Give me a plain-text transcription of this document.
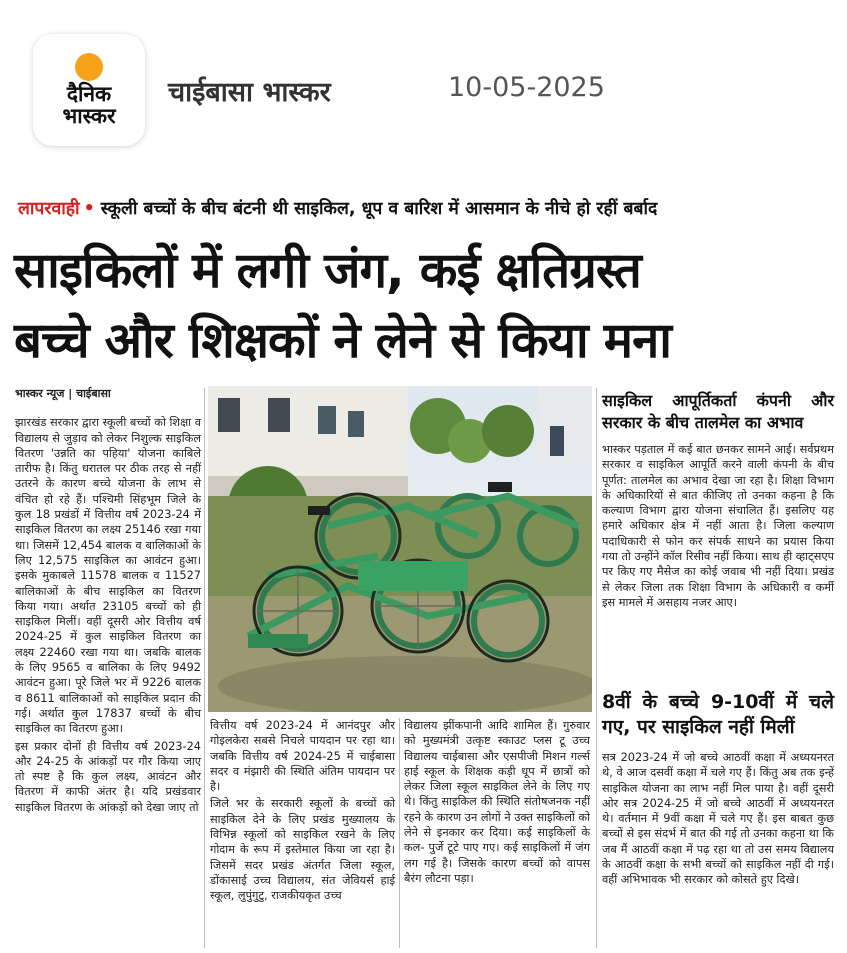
दैनिक
भास्कर
चाईबासा भास्कर	10-05-2025
लापरवाही • स्कूली बच्चों के बीच बंटनी थी साइकिल, धूप व बारिश में आसमान के नीचे हो रहीं बर्बाद
साइकिलों में लगी जंग, कई क्षतिग्रस्त
बच्चे और शिक्षकों ने लेने से किया मना
भास्कर न्यूज | चाईबासा

झारखंड सरकार द्वारा स्कूली बच्चों को शिक्षा व विद्यालय से जुड़ाव को लेकर निशुल्क साइकिल वितरण 'उन्नति का पहिया' योजना काबिले तारीफ है। किंतु धरातल पर ठीक तरह से नहीं उतरने के कारण बच्चे योजना के लाभ से वंचित हो रहे हैं। पश्चिमी सिंहभूम जिले के कुल 18 प्रखंडों में वित्तीय वर्ष 2023-24 में साइकिल वितरण का लक्ष्य 25146 रखा गया था। जिसमें 12,454 बालक व बालिकाओं के लिए 12,575 साइकिल का आवंटन हुआ। इसके मुकाबले 11578 बालक व 11527 बालिकाओं के बीच साइकिल का वितरण किया गया। अर्थात 23105 बच्चों को ही साइकिल मिलीं। वहीं दूसरी ओर वित्तीय वर्ष 2024-25 में कुल साइकिल वितरण का लक्ष्य 22460 रखा गया था। जबकि बालक के लिए 9565 व बालिका के लिए 9492 आवंटन हुआ। पूरे जिले भर में 9226 बालक व 8611 बालिकाओं को साइकिल प्रदान की गई। अर्थात कुल 17837 बच्चों के बीच साइकिल का वितरण हुआ।

इस प्रकार दोनों ही वित्तीय वर्ष 2023-24 और 24-25 के आंकड़ों पर गौर किया जाए तो स्पष्ट है कि कुल लक्ष्य, आवंटन और वितरण में काफी अंतर है। यदि प्रखंडवार साइकिल वितरण के आंकड़ों को देखा जाए तो

वित्तीय वर्ष 2023-24 में आनंदपुर और गोइलकेरा सबसे निचले पायदान पर रहा था। जबकि वित्तीय वर्ष 2024-25 में चाईबासा सदर व मंझारी की स्थिति अंतिम पायदान पर है।

जिले भर के सरकारी स्कूलों के बच्चों को साइकिल देने के लिए प्रखंड मुख्यालय के विभिन्न स्कूलों को साइकिल रखने के लिए गोदाम के रूप में इस्तेमाल किया जा रहा है। जिसमें सदर प्रखंड अंतर्गत जिला स्कूल, डोंकासाई उच्च विद्यालय, संत जेवियर्स हाई स्कूल, लुपुंगुटु, राजकीयकृत उच्च

विद्यालय झींकपानी आदि शामिल हैं। गुरुवार को मुख्यमंत्री उत्कृष्ट स्काउट प्लस टू उच्च विद्यालय चाईबासा और एसपीजी मिशन गर्ल्स हाई स्कूल के शिक्षक कड़ी धूप में छात्रों को लेकर जिला स्कूल साइकिल लेने के लिए गए थे। किंतु साइकिल की स्थिति संतोषजनक नहीं रहने के कारण उन लोगों ने उक्त साइकिलों को लेने से इनकार कर दिया। कई साइकिलों के कल- पुर्जे टूटे पाए गए। कई साइकिलों में जंग लग गई है। जिसके कारण बच्चों को वापस बैरंग लौटना पड़ा।

साइकिल आपूर्तिकर्ता कंपनी और सरकार के बीच तालमेल का अभाव

भास्कर पड़ताल में कई बात छनकर सामने आई। सर्वप्रथम सरकार व साइकिल आपूर्ति करने वाली कंपनी के बीच पूर्णत: तालमेल का अभाव देखा जा रहा है। शिक्षा विभाग के अधिकारियों से बात कीजिए तो उनका कहना है कि कल्याण विभाग द्वारा योजना संचालित हैं। इसलिए यह हमारे अधिकार क्षेत्र में नहीं आता है। जिला कल्याण पदाधिकारी से फोन कर संपर्क साधने का प्रयास किया गया तो उन्होंने कॉल रिसीव नहीं किया। साथ ही व्हाट्सएप पर किए गए मैसेज का कोई जवाब भी नहीं दिया। प्रखंड से लेकर जिला तक शिक्षा विभाग के अधिकारी व कर्मी इस मामले में असहाय नजर आए।

8वीं के बच्चे 9-10वीं में चले गए, पर साइकिल नहीं मिलीं

सत्र 2023-24 में जो बच्चे आठवीं कक्षा में अध्ययनरत थे, वे आज दसवीं कक्षा में चले गए हैं। किंतु अब तक इन्हें साइकिल योजना का लाभ नहीं मिल पाया है। वहीं दूसरी ओर सत्र 2024-25 में जो बच्चे आठवीं में अध्ययनरत थे। वर्तमान में 9वीं कक्षा में चले गए हैं। इस बाबत कुछ बच्चों से इस संदर्भ में बात की गई तो उनका कहना था कि जब मैं आठवीं कक्षा में पढ़ रहा था तो उस समय विद्यालय के आठवीं कक्षा के सभी बच्चों को साइकिल नहीं दी गई। वहीं अभिभावक भी सरकार को कोसते हुए दिखे।
